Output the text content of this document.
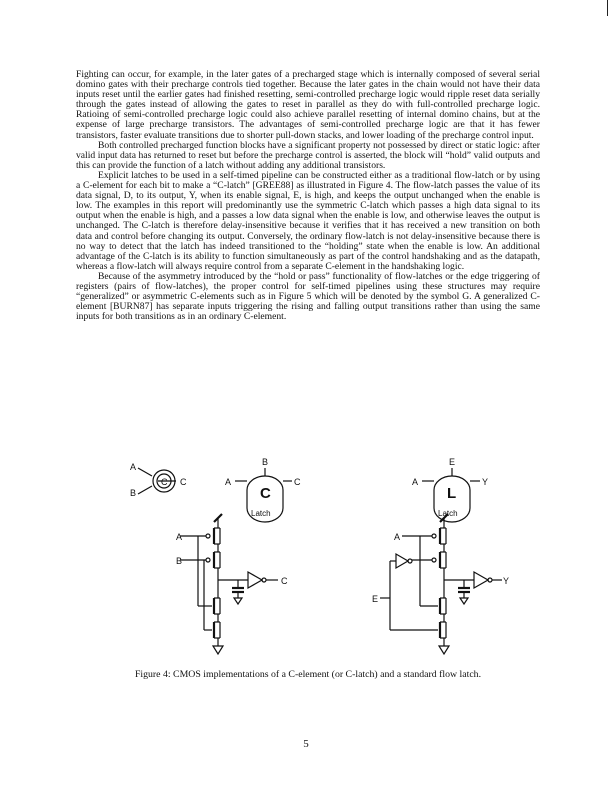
Fighting can occur, for example, in the later gates of a precharged stage which is internally composed of several serial domino gates with their precharge controls tied together. Because the later gates in the chain would not have their data inputs reset until the earlier gates had finished resetting, semi-controlled precharge logic would ripple reset data serially through the gates instead of allowing the gates to reset in parallel as they do with full-controlled precharge logic. Ratioing of semi-controlled precharge logic could also achieve parallel resetting of internal domino chains, but at the expense of large precharge transistors. The advantages of semi-controlled precharge logic are that it has fewer transistors, faster evaluate transitions due to shorter pull-down stacks, and lower loading of the precharge control input.

Both controlled precharged function blocks have a significant property not possessed by direct or static logic: after valid input data has returned to reset but before the precharge control is asserted, the block will “hold” valid outputs and this can provide the function of a latch without adding any additional transistors.

Explicit latches to be used in a self-timed pipeline can be constructed either as a traditional flow-latch or by using a C-element for each bit to make a “C-latch” [GREE88] as illustrated in Figure 4. The flow-latch passes the value of its data signal, D, to its output, Y, when its enable signal, E, is high, and keeps the output unchanged when the enable is low. The examples in this report will predominantly use the symmetric C-latch which passes a high data signal to its output when the enable is high, and a passes a low data signal when the enable is low, and otherwise leaves the output is unchanged. The C-latch is therefore delay-insensitive because it verifies that it has received a new transition on both data and control before changing its output. Conversely, the ordinary flow-latch is not delay-insensitive because there is no way to detect that the latch has indeed transitioned to the “holding” state when the enable is low. An additional advantage of the C-latch is its ability to function simultaneously as part of the control handshaking and as the datapath, whereas a flow-latch will always require control from a separate C-element in the handshaking logic.

Because of the asymmetry introduced by the “hold or pass” functionality of flow-latches or the edge triggering of registers (pairs of flow-latches), the proper control for self-timed pipelines using these structures may require “generalized” or asymmetric C-elements such as in Figure 5 which will be denoted by the symbol G. A generalized C-element [BURN87] has separate inputs triggering the rising and falling output transitions rather than using the same inputs for both transitions as in an ordinary C-element.

A
B
C C
B
C
Latch
A	C
E
L
Latch
A	Y
A
B
C
A
E
Y
Figure 4: CMOS implementations of a C-element (or C-latch) and a standard flow latch.
5
